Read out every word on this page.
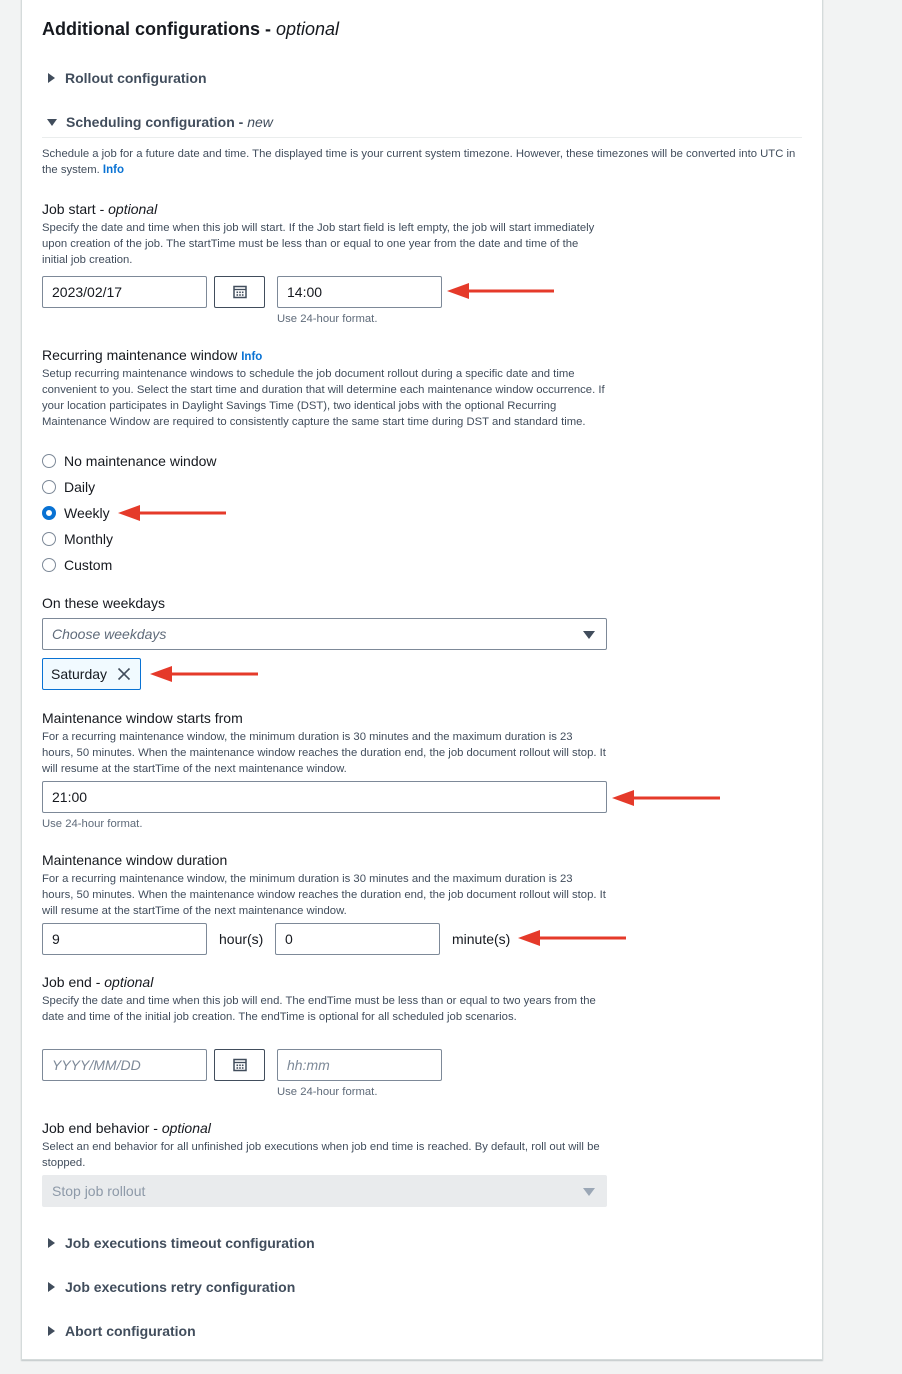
Additional configurations - optional
Rollout configuration
Scheduling configuration -
new
Schedule a job for a future date and time. The displayed time is your current system timezone. However, these timezones will be converted into UTC in the system. Info
Job start - optional
Specify the date and time when this job will start. If the Job start field is left empty, the job will start immediately upon creation of the job. The startTime must be less than or equal to one year from the date and time of the initial job creation.
2023/02/17	14:00
Use 24-hour format.
Recurring maintenance window Info
Setup recurring maintenance windows to schedule the job document rollout during a specific date and time convenient to you. Select the start time and duration that will determine each maintenance window occurrence. If your location participates in Daylight Savings Time (DST), two identical jobs with the optional Recurring Maintenance Window are required to consistently capture the same start time during DST and standard time.
No maintenance window
Daily
Weekly
Monthly
Custom
On these weekdays
Choose weekdays
Saturday
Maintenance window starts from
For a recurring maintenance window, the minimum duration is 30 minutes and the maximum duration is 23 hours, 50 minutes. When the maintenance window reaches the duration end, the job document rollout will stop. It will resume at the startTime of the next maintenance window.
21:00
Use 24-hour format.
Maintenance window duration
For a recurring maintenance window, the minimum duration is 30 minutes and the maximum duration is 23 hours, 50 minutes. When the maintenance window reaches the duration end, the job document rollout will stop. It will resume at the startTime of the next maintenance window.
9	hour(s)	0	minute(s)
Job end - optional
Specify the date and time when this job will end. The endTime must be less than or equal to two years from the date and time of the initial job creation. The endTime is optional for all scheduled job scenarios.
YYYY/MM/DD	hh:mm
Use 24-hour format.
Job end behavior - optional
Select an end behavior for all unfinished job executions when job end time is reached. By default, roll out will be stopped.
Stop job rollout
Job executions timeout configuration
Job executions retry configuration
Abort configuration
